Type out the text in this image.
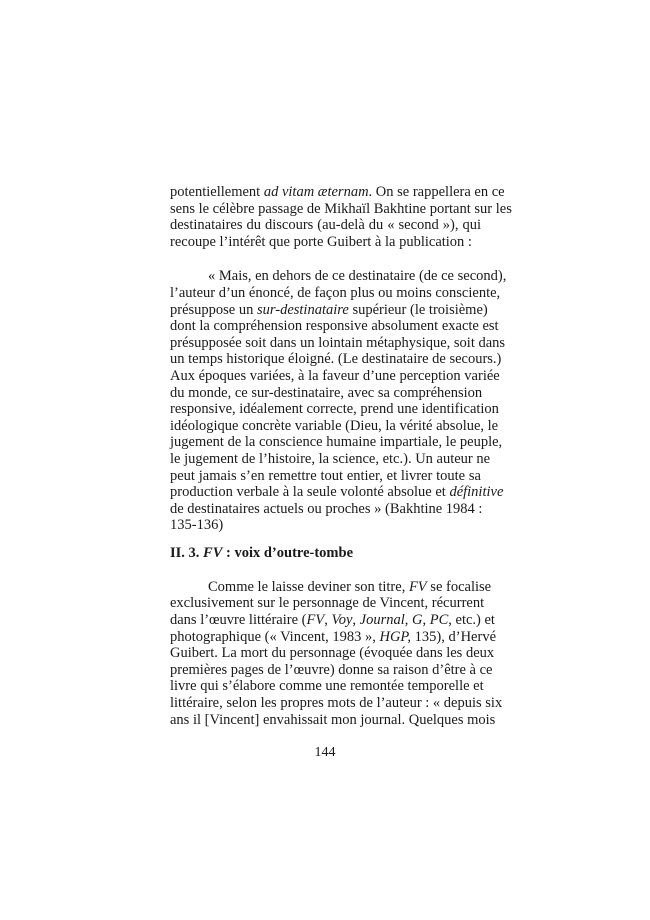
potentiellement ad vitam æternam. On se rappellera en ce
sens le célèbre passage de Mikhaïl Bakhtine portant sur les
destinataires du discours (au-delà du « second »), qui
recoupe l’intérêt que porte Guibert à la publication :
« Mais, en dehors de ce destinataire (de ce second),
l’auteur d’un énoncé, de façon plus ou moins consciente,
présuppose un sur-destinataire supérieur (le troisième)
dont la compréhension responsive absolument exacte est
présupposée soit dans un lointain métaphysique, soit dans
un temps historique éloigné. (Le destinataire de secours.)
Aux époques variées, à la faveur d’une perception variée
du monde, ce sur-destinataire, avec sa compréhension
responsive, idéalement correcte, prend une identification
idéologique concrète variable (Dieu, la vérité absolue, le
jugement de la conscience humaine impartiale, le peuple,
le jugement de l’histoire, la science, etc.). Un auteur ne
peut jamais s’en remettre tout entier, et livrer toute sa
production verbale à la seule volonté absolue et définitive
de destinataires actuels ou proches » (Bakhtine 1984 :
135-136)
II. 3. FV : voix d’outre-tombe
Comme le laisse deviner son titre, FV se focalise
exclusivement sur le personnage de Vincent, récurrent
dans l’œuvre littéraire (FV, Voy, Journal, G, PC, etc.) et
photographique (« Vincent, 1983 », HGP, 135), d’Hervé
Guibert. La mort du personnage (évoquée dans les deux
premières pages de l’œuvre) donne sa raison d’être à ce
livre qui s’élabore comme une remontée temporelle et
littéraire, selon les propres mots de l’auteur : « depuis six
ans il [Vincent] envahissait mon journal. Quelques mois
144
